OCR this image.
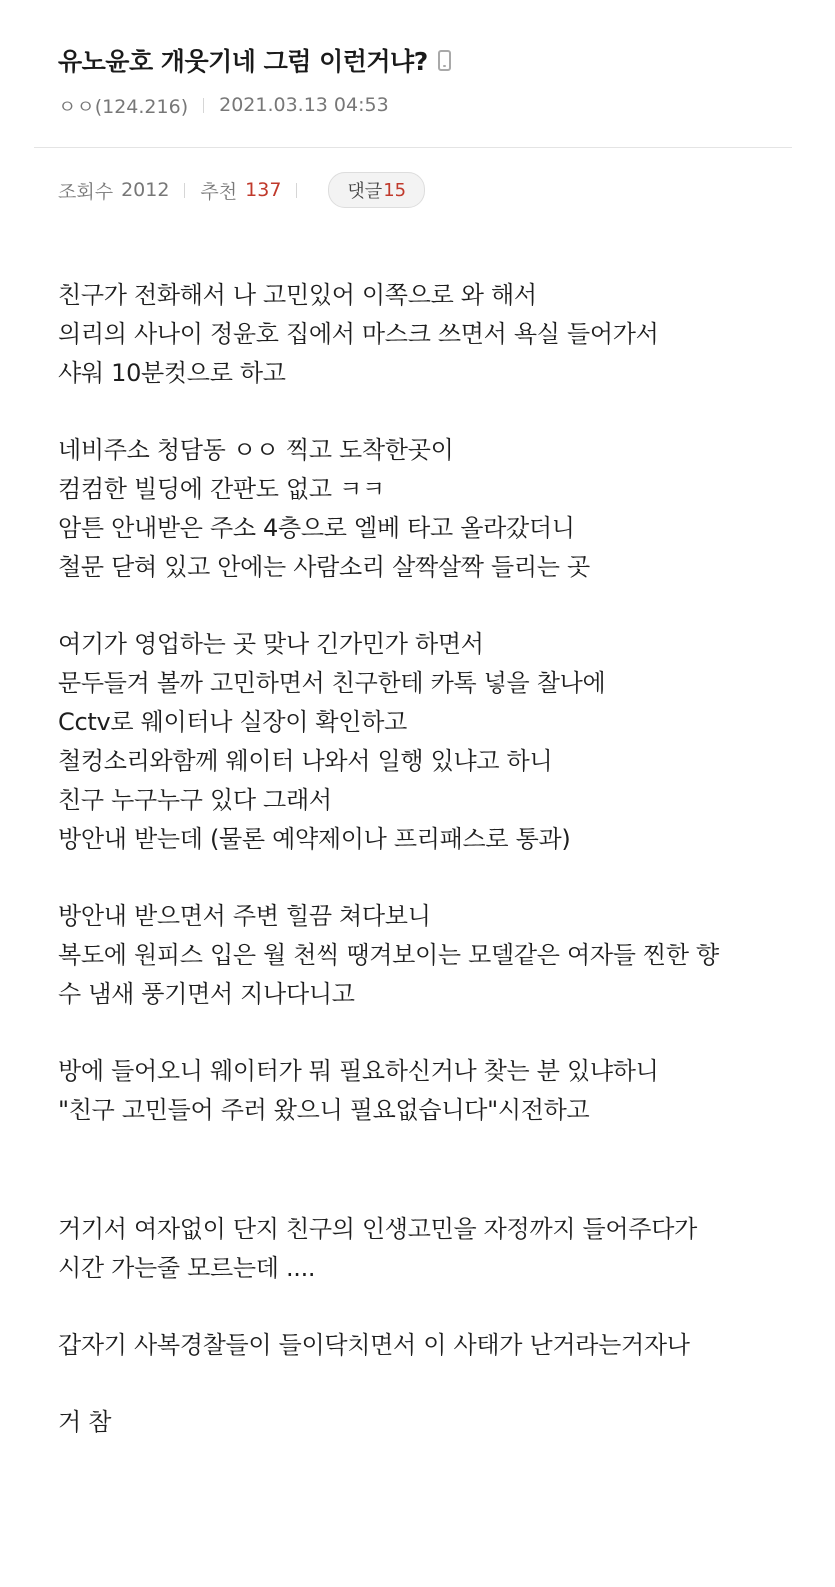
유노윤호 개웃기네 그럼 이런거냐?
ㅇㅇ(124.216) 2021.03.13 04:53
조회수 2012 추천 137	댓글 15
친구가 전화해서 나 고민있어 이쪽으로 와 해서
의리의 사나이 정윤호 집에서 마스크 쓰면서 욕실 들어가서
샤워 10분컷으로 하고
네비주소 청담동 ㅇㅇ 찍고 도착한곳이
컴컴한 빌딩에 간판도 없고 ㅋㅋ
암튼 안내받은 주소 4층으로 엘베 타고 올라갔더니
철문 닫혀 있고 안에는 사람소리 살짝살짝 들리는 곳
여기가 영업하는 곳 맞나 긴가민가 하면서
문두들겨 볼까 고민하면서 친구한테 카톡 넣을 찰나에
Cctv로 웨이터나 실장이 확인하고
철컹소리와함께 웨이터 나와서 일행 있냐고 하니
친구 누구누구 있다 그래서
방안내 받는데 (물론 예약제이나 프리패스로 통과)
방안내 받으면서 주변 힐끔 쳐다보니
복도에 원피스 입은 월 천씩 땡겨보이는 모델같은 여자들 찐한 향
수 냄새 풍기면서 지나다니고
방에 들어오니 웨이터가 뭐 필요하신거나 찾는 분 있냐하니
"친구 고민들어 주러 왔으니 필요없습니다"시전하고
거기서 여자없이 단지 친구의 인생고민을 자정까지 들어주다가
시간 가는줄 모르는데 ....
갑자기 사복경찰들이 들이닥치면서 이 사태가 난거라는거자나
거 참
